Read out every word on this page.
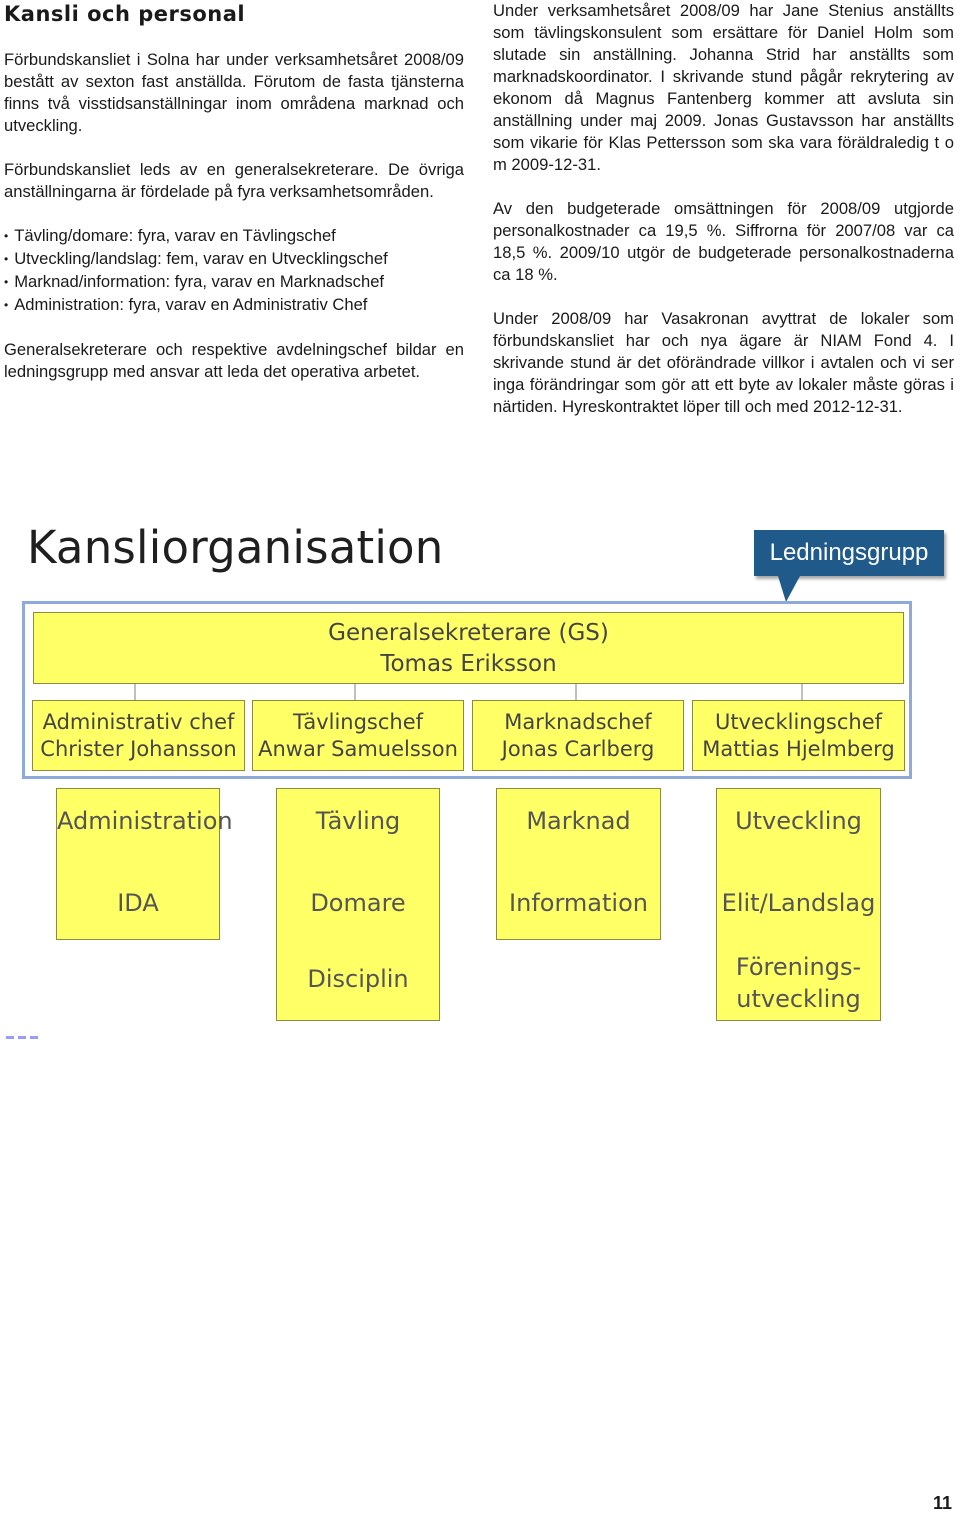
Kansli och personal

Förbundskansliet i Solna har under verksamhetsåret 2008/09 bestått av sexton fast anställda. Förutom de fasta tjänsterna finns två visstidsanställningar inom områdena marknad och utveckling.

Förbundskansliet leds av en generalsekreterare. De övriga anställningarna är fördelade på fyra verksamhetsområden.

• Tävling/domare: fyra, varav en Tävlingschef
• Utveckling/landslag: fem, varav en Utvecklingschef
• Marknad/information: fyra, varav en Marknadschef
• Administration: fyra, varav en Administrativ Chef

Generalsekreterare och respektive avdelningschef bildar en ledningsgrupp med ansvar att leda det operativa arbetet.

Under verksamhetsåret 2008/09 har Jane Stenius anställts som tävlingskonsulent som ersättare för Daniel Holm som slutade sin anställning. Johanna Strid har anställts som marknadskoordinator. I skrivande stund pågår rekrytering av ekonom då Magnus Fantenberg kommer att avsluta sin anställning under maj 2009. Jonas Gustavsson har anställts som vikarie för Klas Pettersson som ska vara föräldraledig t o m 2009-12-31.

Av den budgeterade omsättningen för 2008/09 utgjorde personalkostnader ca 19,5 %. Siffrorna för 2007/08 var ca 18,5 %. 2009/10 utgör de budgeterade personalkostnaderna ca 18 %.

Under 2008/09 har Vasakronan avyttrat de lokaler som förbundskansliet har och nya ägare är NIAM Fond 4. I skrivande stund är det oförändrade villkor i avtalen och vi ser inga förändringar som gör att ett byte av lokaler måste göras i närtiden. Hyreskontraktet löper till och med 2012-12-31.

Kansliorganisation	Ledningsgrupp
Generalsekreterare (GS)
Tomas Eriksson
Administrativ chef
Christer Johansson
Tävlingschef
Anwar Samuelsson
Marknadschef
Jonas Carlberg
Utvecklingschef
Mattias Hjelmberg
Administration
IDA
Tävling
Domare
Disciplin
Marknad
Information
Utveckling
Elit/Landslag
Förenings-
utveckling
11
